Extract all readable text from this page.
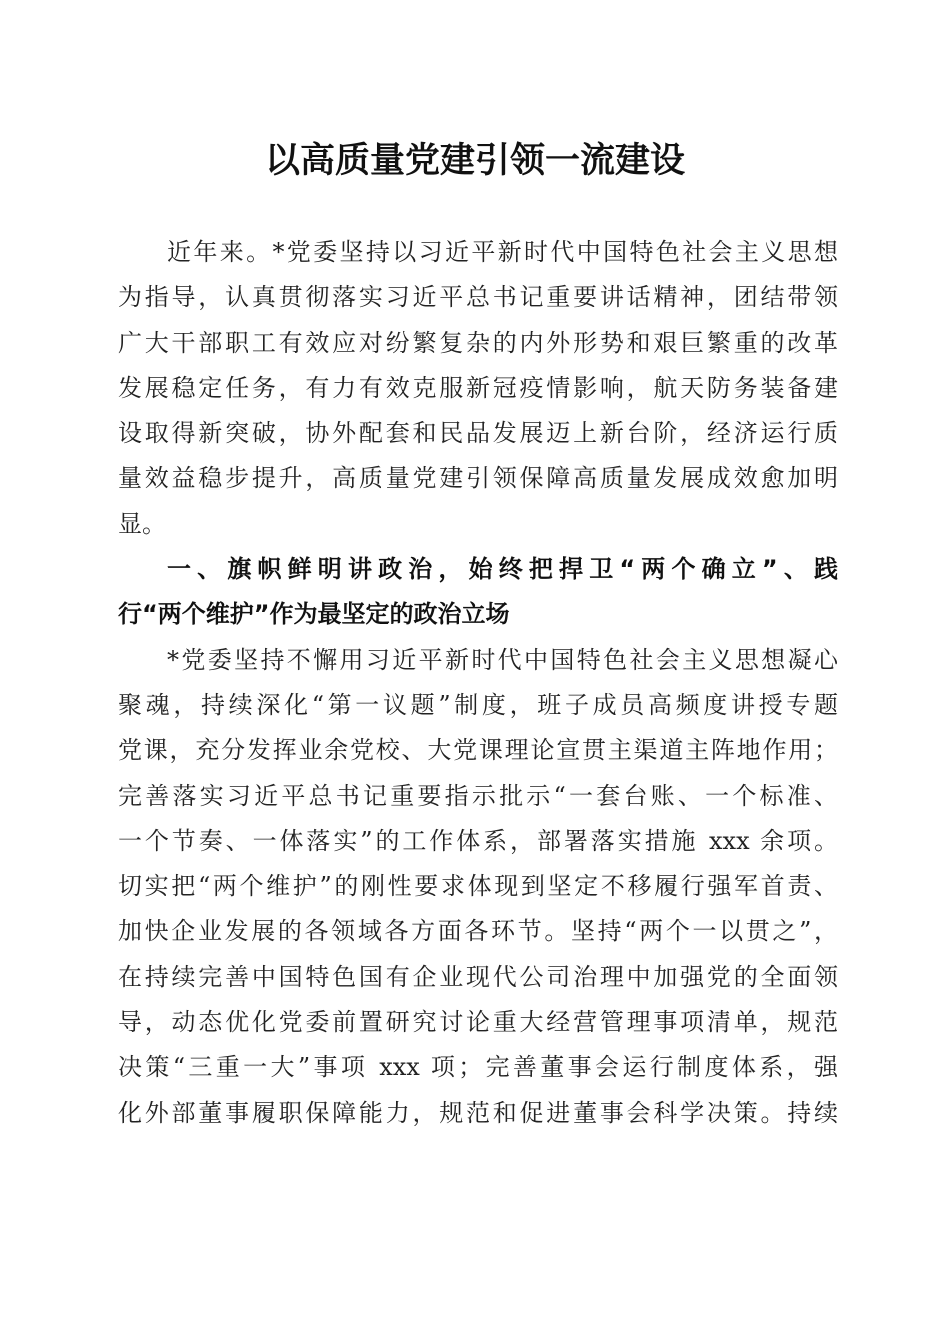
以高质量党建引领一流建设
近年来。*党委坚持以习近平新时代中国特色社会主义思想
为指导，认真贯彻落实习近平总书记重要讲话精神，团结带领
广大干部职工有效应对纷繁复杂的内外形势和艰巨繁重的改革
发展稳定任务，有力有效克服新冠疫情影响，航天防务装备建
设取得新突破，协外配套和民品发展迈上新台阶，经济运行质
量效益稳步提升，高质量党建引领保障高质量发展成效愈加明
显。
一、旗帜鲜明讲政治，始终把捍卫“两个确立”、践
行“两个维护”作为最坚定的政治立场
*党委坚持不懈用习近平新时代中国特色社会主义思想凝心
聚魂，持续深化“第一议题”制度，班子成员高频度讲授专题
党课，充分发挥业余党校、大党课理论宣贯主渠道主阵地作用；
完善落实习近平总书记重要指示批示“一套台账、一个标准、
一个节奏、一体落实”的工作体系，部署落实措施 xxx 余项。
切实把“两个维护”的刚性要求体现到坚定不移履行强军首责、
加快企业发展的各领域各方面各环节。坚持“两个一以贯之”，
在持续完善中国特色国有企业现代公司治理中加强党的全面领
导，动态优化党委前置研究讨论重大经营管理事项清单，规范
决策“三重一大”事项 xxx 项；完善董事会运行制度体系，强
化外部董事履职保障能力，规范和促进董事会科学决策。持续
